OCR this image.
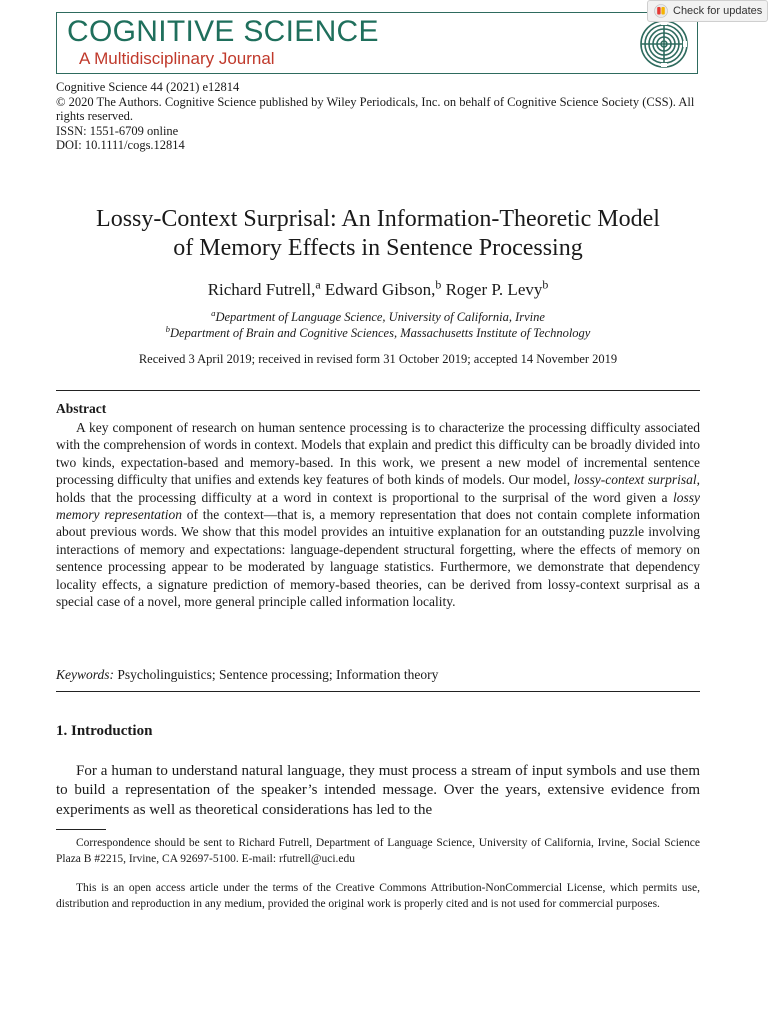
COGNITIVE SCIENCE
A Multidisciplinary Journal
Check for updates
Cognitive Science 44 (2021) e12814
© 2020 The Authors. Cognitive Science published by Wiley Periodicals, Inc. on behalf of Cognitive Science Society (CSS). All rights reserved.
ISSN: 1551-6709 online
DOI: 10.1111/cogs.12814
Lossy-Context Surprisal: An Information-Theoretic Model
of Memory Effects in Sentence Processing
Richard Futrell,$^a$ Edward Gibson,$^b$ Roger P. Levy$^b$
$^a$Department of Language Science, University of California, Irvine
$^b$Department of Brain and Cognitive Sciences, Massachusetts Institute of Technology
Received 3 April 2019; received in revised form 31 October 2019; accepted 14 November 2019
Abstract
A key component of research on human sentence processing is to characterize the processing difficulty associated with the comprehension of words in context. Models that explain and predict this difficulty can be broadly divided into two kinds, expectation-based and memory-based. In this work, we present a new model of incremental sentence processing difficulty that unifies and extends key features of both kinds of models. Our model, lossy-context surprisal, holds that the processing difficulty at a word in context is proportional to the surprisal of the word given a lossy memory representation of the context—that is, a memory representation that does not contain complete information about previous words. We show that this model provides an intuitive explanation for an outstanding puzzle involving interactions of memory and expectations: language-dependent structural forgetting, where the effects of memory on sentence processing appear to be moderated by language statistics. Furthermore, we demonstrate that dependency locality effects, a signature prediction of memory-based theories, can be derived from lossy-context surprisal as a special case of a novel, more general principle called information locality.
Keywords: Psycholinguistics; Sentence processing; Information theory
1. Introduction
For a human to understand natural language, they must process a stream of input symbols and use them to build a representation of the speaker’s intended message. Over the years, extensive evidence from experiments as well as theoretical considerations has led to the
Correspondence should be sent to Richard Futrell, Department of Language Science, University of California, Irvine, Social Science Plaza B #2215, Irvine, CA 92697-5100. E-mail: rfutrell@uci.edu
This is an open access article under the terms of the Creative Commons Attribution-NonCommercial License, which permits use, distribution and reproduction in any medium, provided the original work is properly cited and is not used for commercial purposes.
